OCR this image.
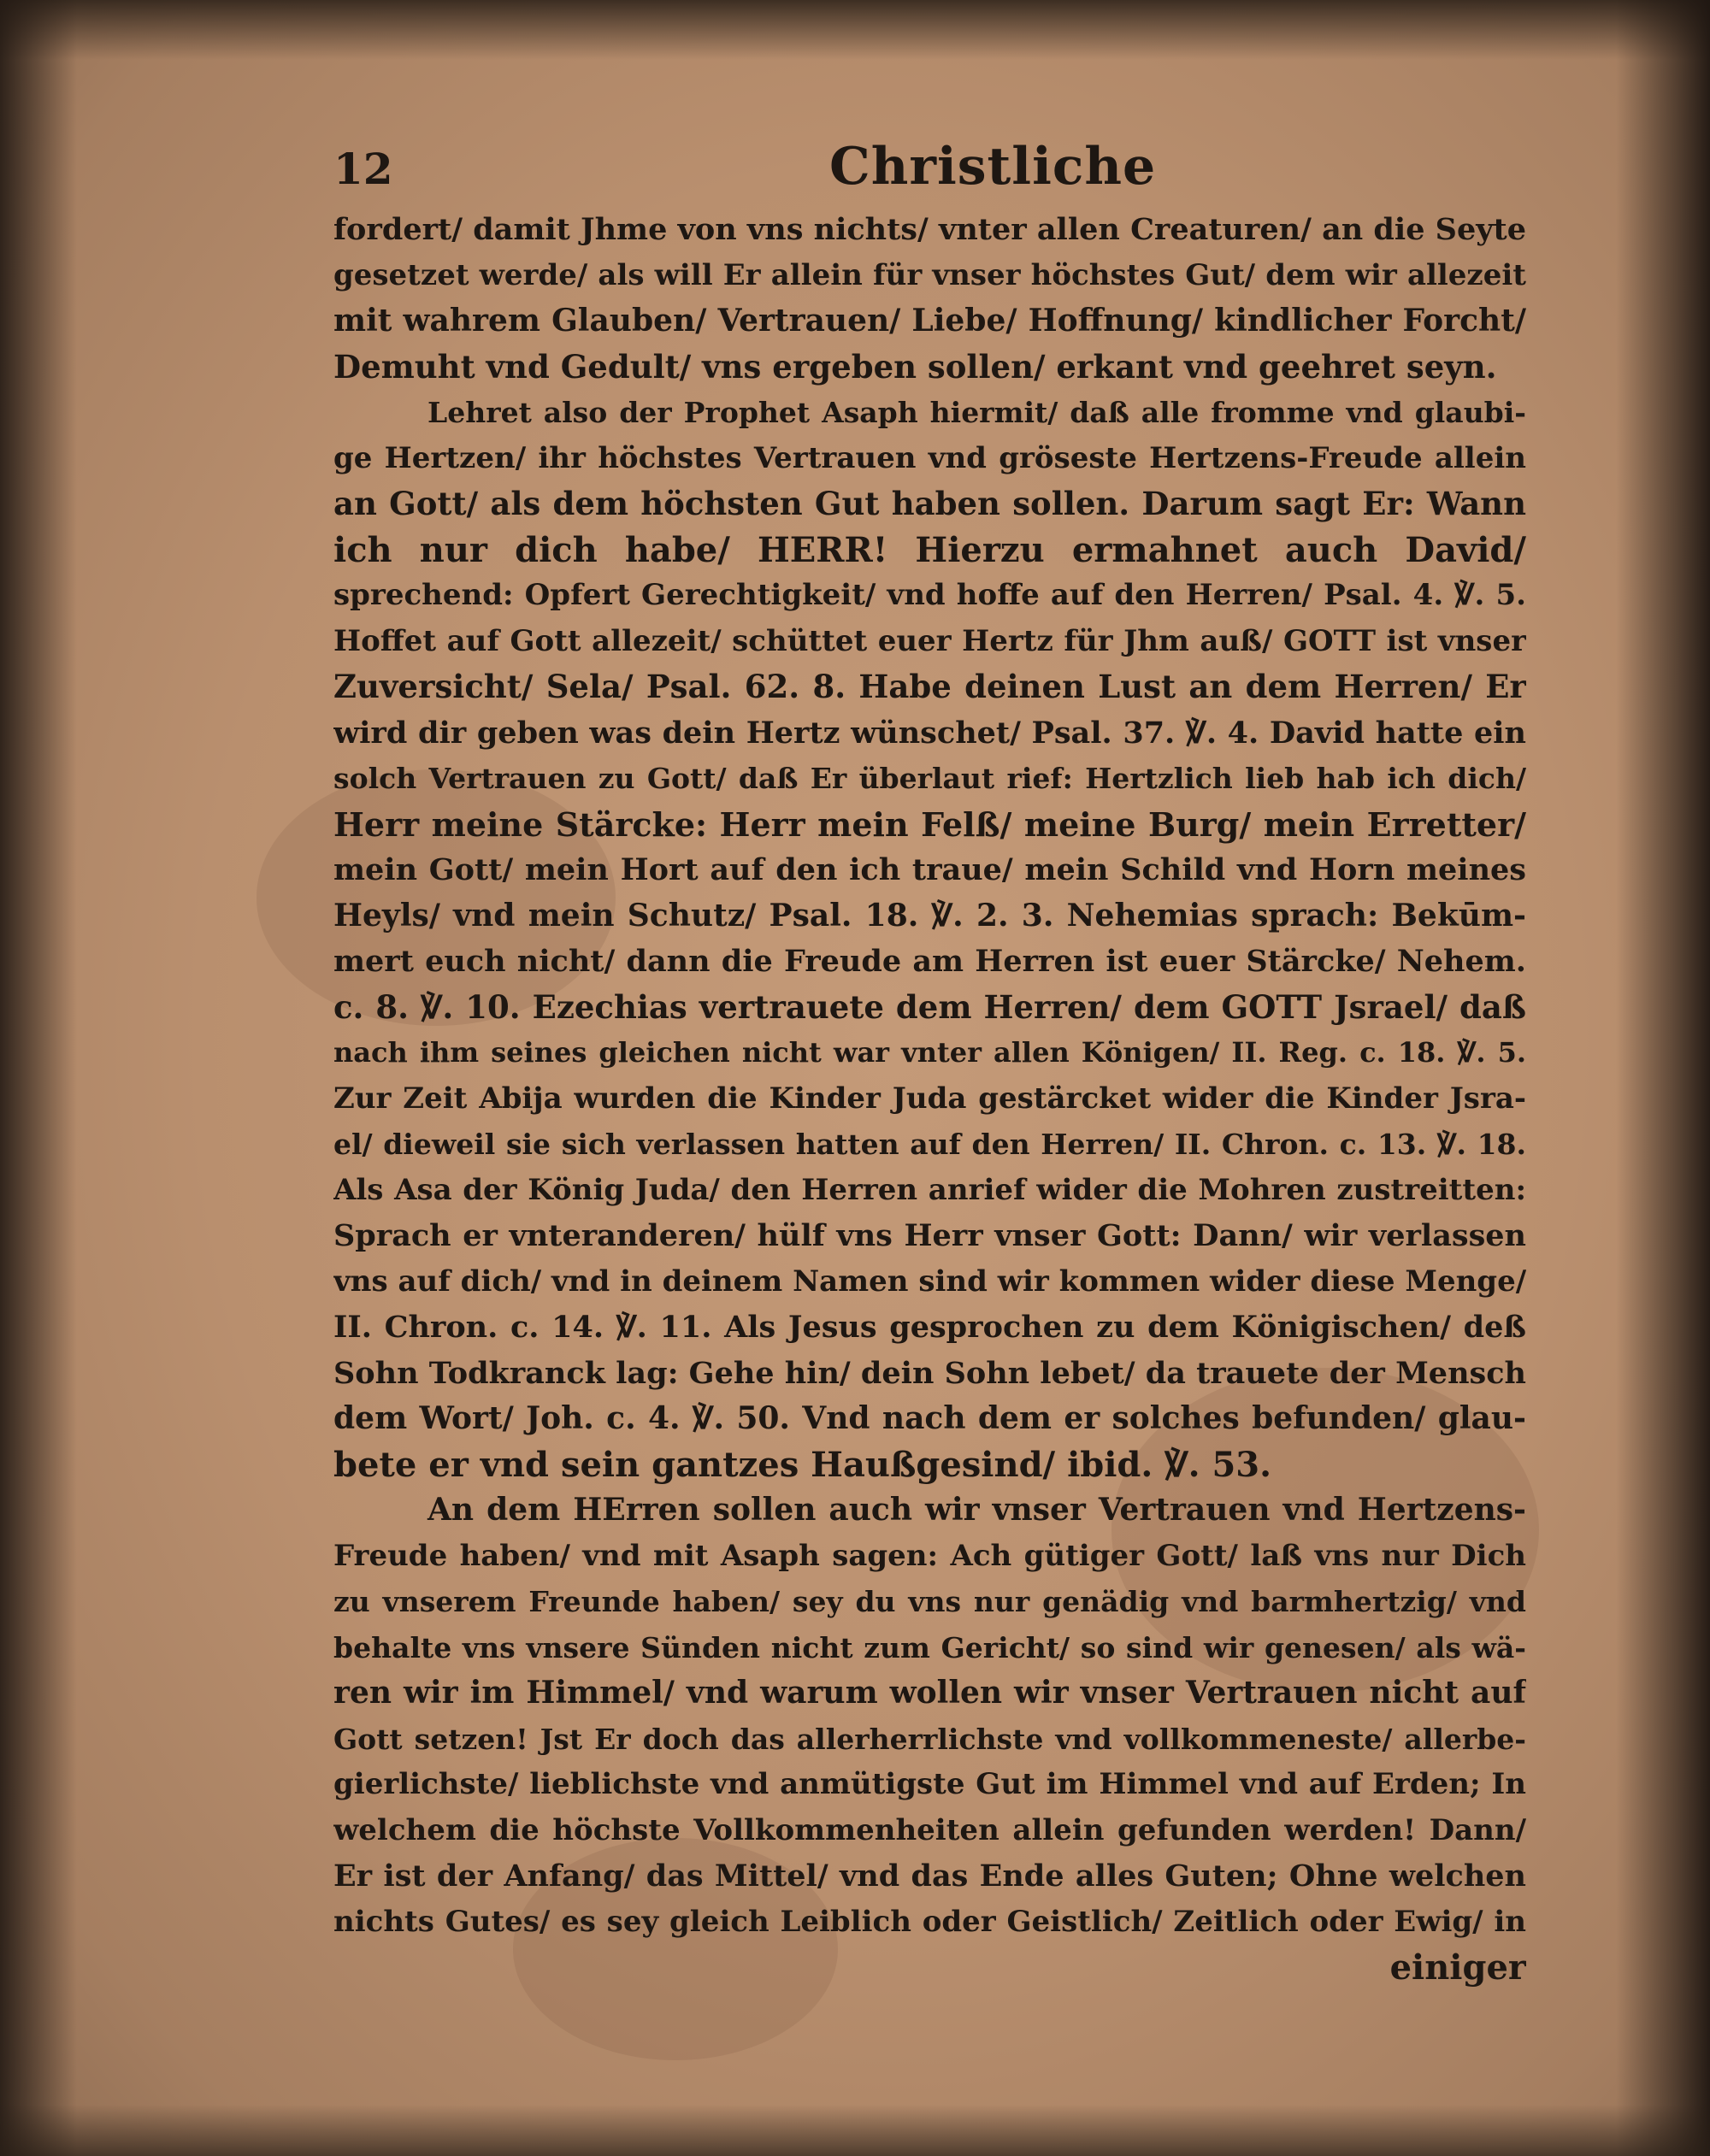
12	Christliche
fordert/ damit Jhme von vns nichts/ vnter allen Creaturen/ an die Seyte
gesetzet werde/ als will Er allein für vnser höchstes Gut/ dem wir allezeit
mit wahrem Glauben/ Vertrauen/ Liebe/ Hoffnung/ kindlicher Forcht/
Demuht vnd Gedult/ vns ergeben sollen/ erkant vnd geehret seyn.
Lehret also der Prophet Asaph hiermit/ daß alle fromme vnd glaubi-
ge Hertzen/ ihr höchstes Vertrauen vnd gröseste Hertzens-Freude allein
an Gott/ als dem höchsten Gut haben sollen. Darum sagt Er: Wann
ich nur dich habe/ HERR! Hierzu ermahnet auch David/
sprechend: Opfert Gerechtigkeit/ vnd hoffe auf den Herren/ Psal. 4. ℣. 5.
Hoffet auf Gott allezeit/ schüttet euer Hertz für Jhm auß/ GOTT ist vnser
Zuversicht/ Sela/ Psal. 62. 8. Habe deinen Lust an dem Herren/ Er
wird dir geben was dein Hertz wünschet/ Psal. 37. ℣. 4. David hatte ein
solch Vertrauen zu Gott/ daß Er überlaut rief: Hertzlich lieb hab ich dich/
Herr meine Stärcke: Herr mein Felß/ meine Burg/ mein Erretter/
mein Gott/ mein Hort auf den ich traue/ mein Schild vnd Horn meines
Heyls/ vnd mein Schutz/ Psal. 18. ℣. 2. 3. Nehemias sprach: Bekūm-
mert euch nicht/ dann die Freude am Herren ist euer Stärcke/ Nehem.
c. 8. ℣. 10. Ezechias vertrauete dem Herren/ dem GOTT Jsrael/ daß
nach ihm seines gleichen nicht war vnter allen Königen/ II. Reg. c. 18. ℣. 5.
Zur Zeit Abija wurden die Kinder Juda gestärcket wider die Kinder Jsra-
el/ dieweil sie sich verlassen hatten auf den Herren/ II. Chron. c. 13. ℣. 18.
Als Asa der König Juda/ den Herren anrief wider die Mohren zustreitten:
Sprach er vnteranderen/ hülf vns Herr vnser Gott: Dann/ wir verlassen
vns auf dich/ vnd in deinem Namen sind wir kommen wider diese Menge/
II. Chron. c. 14. ℣. 11. Als Jesus gesprochen zu dem Königischen/ deß
Sohn Todkranck lag: Gehe hin/ dein Sohn lebet/ da trauete der Mensch
dem Wort/ Joh. c. 4. ℣. 50. Vnd nach dem er solches befunden/ glau-
bete er vnd sein gantzes Haußgesind/ ibid. ℣. 53.
An dem HErren sollen auch wir vnser Vertrauen vnd Hertzens-
Freude haben/ vnd mit Asaph sagen: Ach gütiger Gott/ laß vns nur Dich
zu vnserem Freunde haben/ sey du vns nur genädig vnd barmhertzig/ vnd
behalte vns vnsere Sünden nicht zum Gericht/ so sind wir genesen/ als wä-
ren wir im Himmel/ vnd warum wollen wir vnser Vertrauen nicht auf
Gott setzen! Jst Er doch das allerherrlichste vnd vollkommeneste/ allerbe-
gierlichste/ lieblichste vnd anmütigste Gut im Himmel vnd auf Erden; In
welchem die höchste Vollkommenheiten allein gefunden werden! Dann/
Er ist der Anfang/ das Mittel/ vnd das Ende alles Guten; Ohne welchen
nichts Gutes/ es sey gleich Leiblich oder Geistlich/ Zeitlich oder Ewig/ in
einiger
